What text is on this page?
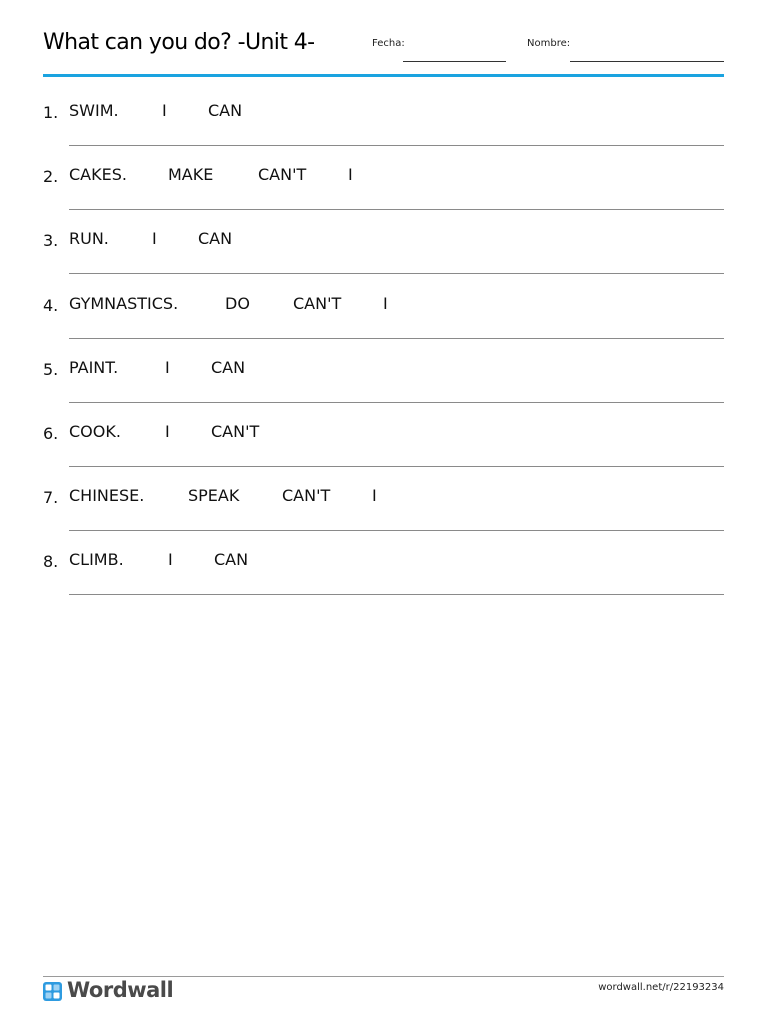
What can you do? -Unit 4-	Fecha:	Nombre:
1. SWIM.	I	CAN
2. CAKES.	MAKE	CAN'T	I
3. RUN.	I	CAN
4. GYMNASTICS.	DO	CAN'T	I
5. PAINT.	I	CAN
6. COOK.	I	CAN'T
7. CHINESE.	SPEAK	CAN'T	I
8. CLIMB.	I	CAN
Wordwall	wordwall.net/r/22193234
